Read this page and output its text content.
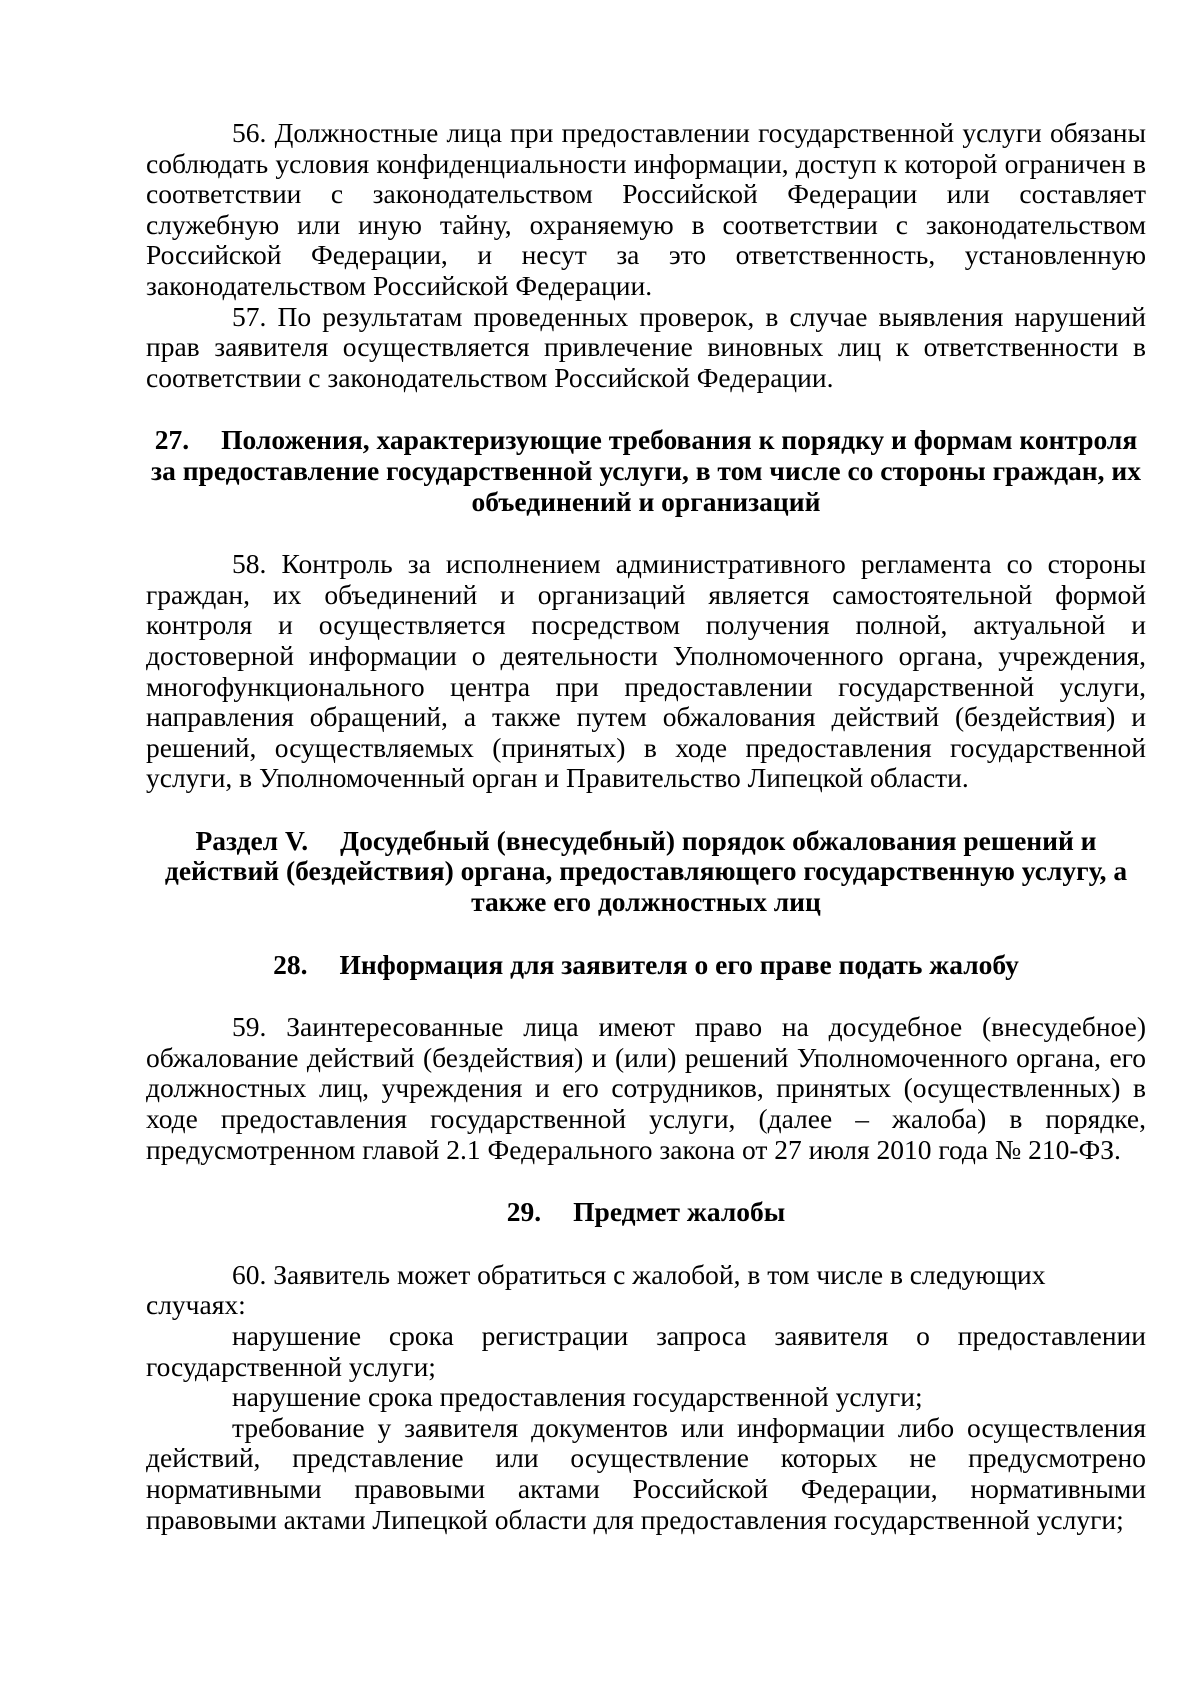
56. Должностные лица при предоставлении государственной услуги обязаны соблюдать условия конфиденциальности информации, доступ к которой ограничен в соответствии с законодательством Российской Федерации или составляет служебную или иную тайну, охраняемую в соответствии с законодательством Российской Федерации, и несут за это ответственность, установленную законодательством Российской Федерации.

57. По результатам проведенных проверок, в случае выявления нарушений прав заявителя осуществляется привлечение виновных лиц к ответственности в соответствии с законодательством Российской Федерации.

27. Положения, характеризующие требования к порядку и формам контроля за предоставление государственной услуги, в том числе со стороны граждан, их объединений и организаций

58. Контроль за исполнением административного регламента со стороны граждан, их объединений и организаций является самостоятельной формой контроля и осуществляется посредством получения полной, актуальной и достоверной информации о деятельности Уполномоченного органа, учреждения, многофункционального центра при предоставлении государственной услуги, направления обращений, а также путем обжалования действий (бездействия) и решений, осуществляемых (принятых) в ходе предоставления государственной услуги, в Уполномоченный орган и Правительство Липецкой области.

Раздел V. Досудебный (внесудебный) порядок обжалования решений и действий (бездействия) органа, предоставляющего государственную услугу, а также его должностных лиц
28. Информация для заявителя о его праве подать жалобу

59. Заинтересованные лица имеют право на досудебное (внесудебное) обжалование действий (бездействия) и (или) решений Уполномоченного органа, его должностных лиц, учреждения и его сотрудников, принятых (осуществленных) в ходе предоставления государственной услуги, (далее – жалоба) в порядке, предусмотренном главой 2.1 Федерального закона от 27 июля 2010 года № 210-ФЗ.

29. Предмет жалобы

60. Заявитель может обратиться с жалобой, в том числе в следующих

случаях:

нарушение срока регистрации запроса заявителя о предоставлении государственной услуги;

нарушение срока предоставления государственной услуги;

требование у заявителя документов или информации либо осуществления действий, представление или осуществление которых не предусмотрено нормативными правовыми актами Российской Федерации, нормативными правовыми актами Липецкой области для предоставления государственной услуги;
